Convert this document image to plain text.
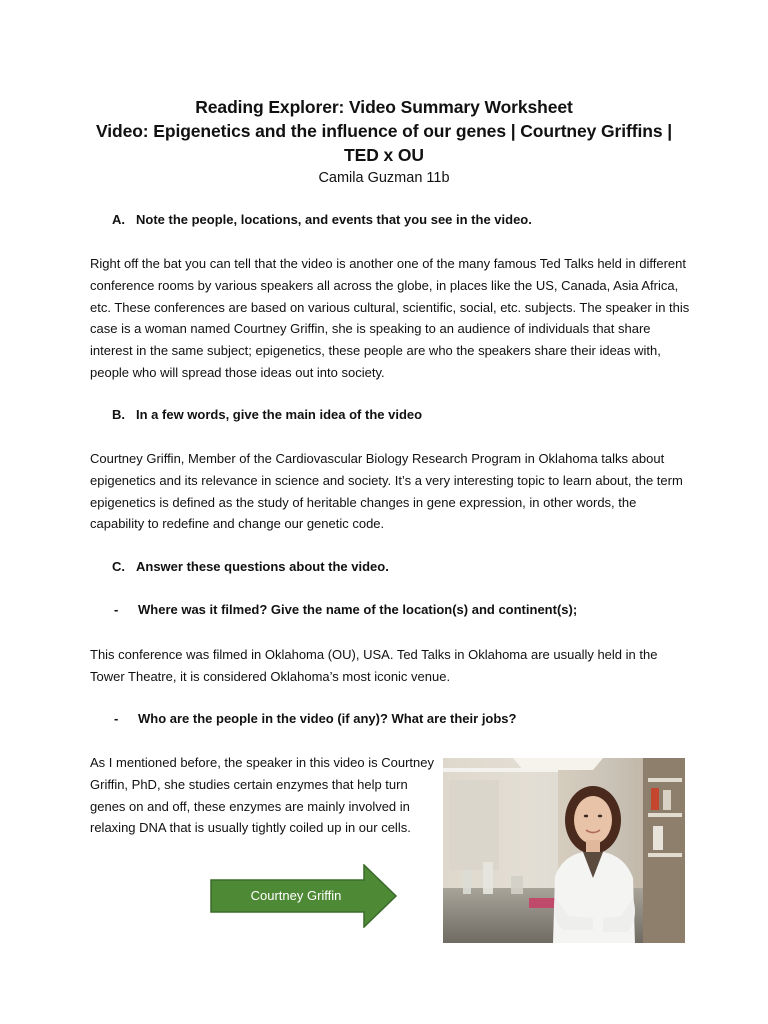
Reading Explorer: Video Summary Worksheet
Video: Epigenetics and the influence of our genes | Courtney Griffins |
TED x OU
Camila Guzman 11b
A. Note the people, locations, and events that you see in the video.
Right off the bat you can tell that the video is another one of the many famous Ted Talks held in different conference rooms by various speakers all across the globe, in places like the US, Canada, Asia Africa, etc. These conferences are based on various cultural, scientific, social, etc. subjects. The speaker in this case is a woman named Courtney Griffin, she is speaking to an audience of individuals that share interest in the same subject; epigenetics, these people are who the speakers share their ideas with, people who will spread those ideas out into society.
B. In a few words, give the main idea of the video
Courtney Griffin, Member of the Cardiovascular Biology Research Program in Oklahoma talks about epigenetics and its relevance in science and society. It’s a very interesting topic to learn about, the term epigenetics is defined as the study of heritable changes in gene expression, in other words, the capability to redefine and change our genetic code.
C. Answer these questions about the video.
- Where was it filmed? Give the name of the location(s) and continent(s);
This conference was filmed in Oklahoma (OU), USA. Ted Talks in Oklahoma are usually held in the Tower Theatre, it is considered Oklahoma’s most iconic venue.
- Who are the people in the video (if any)? What are their jobs?
As I mentioned before, the speaker in this video is Courtney Griffin, PhD, she studies certain enzymes that help turn genes on and off, these enzymes are mainly involved in relaxing DNA that is usually tightly coiled up in our cells.
Courtney Griffin
